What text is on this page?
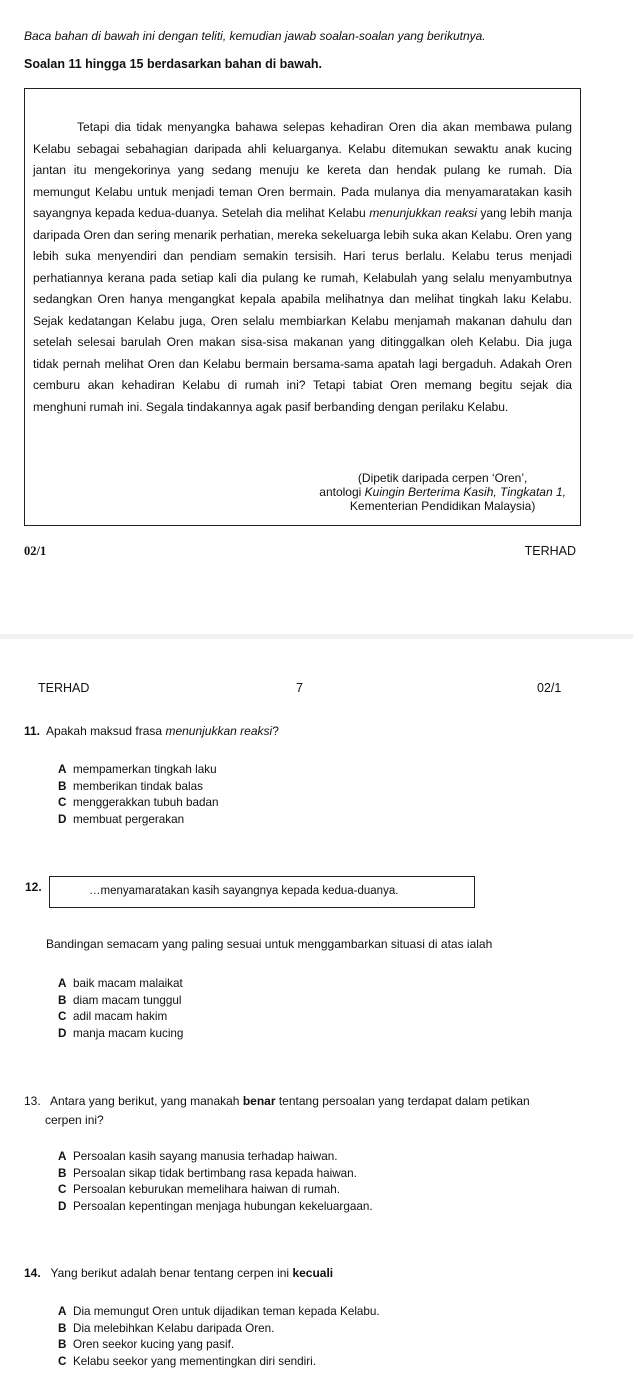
Baca bahan di bawah ini dengan teliti, kemudian jawab soalan-soalan yang berikutnya.
Soalan 11 hingga 15 berdasarkan bahan di bawah.

Tetapi dia tidak menyangka bahawa selepas kehadiran Oren dia akan membawa pulang Kelabu sebagai sebahagian daripada ahli keluarganya. Kelabu ditemukan sewaktu anak kucing jantan itu mengekorinya yang sedang menuju ke kereta dan hendak pulang ke rumah. Dia memungut Kelabu untuk menjadi teman Oren bermain. Pada mulanya dia menyamaratakan kasih sayangnya kepada kedua-duanya. Setelah dia melihat Kelabu menunjukkan reaksi yang lebih manja daripada Oren dan sering menarik perhatian, mereka sekeluarga lebih suka akan Kelabu. Oren yang lebih suka menyendiri dan pendiam semakin tersisih. Hari terus berlalu. Kelabu terus menjadi perhatiannya kerana pada setiap kali dia pulang ke rumah, Kelabulah yang selalu menyambutnya sedangkan Oren hanya mengangkat kepala apabila melihatnya dan melihat tingkah laku Kelabu. Sejak kedatangan Kelabu juga, Oren selalu membiarkan Kelabu menjamah makanan dahulu dan setelah selesai barulah Oren makan sisa-sisa makanan yang ditinggalkan oleh Kelabu. Dia juga tidak pernah melihat Oren dan Kelabu bermain bersama-sama apatah lagi bergaduh. Adakah Oren cemburu akan kehadiran Kelabu di rumah ini? Tetapi tabiat Oren memang begitu sejak dia menghuni rumah ini. Segala tindakannya agak pasif berbanding dengan perilaku Kelabu.

(Dipetik daripada cerpen ‘Oren’,
antologi Kuingin Berterima Kasih, Tingkatan 1,
Kementerian Pendidikan Malaysia)
02/1	TERHAD
TERHAD	7	02/1
11. Apakah maksud frasa menunjukkan reaksi?
A mempamerkan tingkah laku
B memberikan tindak balas
C menggerakkan tubuh badan
D membuat pergerakan
12.	…menyamaratakan kasih sayangnya kepada kedua-duanya.
Bandingan semacam yang paling sesuai untuk menggambarkan situasi di atas ialah
A baik macam malaikat
B diam macam tunggul
C adil macam hakim
D manja macam kucing
13. Antara yang berikut, yang manakah benar tentang persoalan yang terdapat dalam petikan
cerpen ini?
A Persoalan kasih sayang manusia terhadap haiwan.
B Persoalan sikap tidak bertimbang rasa kepada haiwan.
C Persoalan keburukan memelihara haiwan di rumah.
D Persoalan kepentingan menjaga hubungan kekeluargaan.
14. Yang berikut adalah benar tentang cerpen ini kecuali
A Dia memungut Oren untuk dijadikan teman kepada Kelabu.
B Dia melebihkan Kelabu daripada Oren.
B Oren seekor kucing yang pasif.
C Kelabu seekor yang mementingkan diri sendiri.
